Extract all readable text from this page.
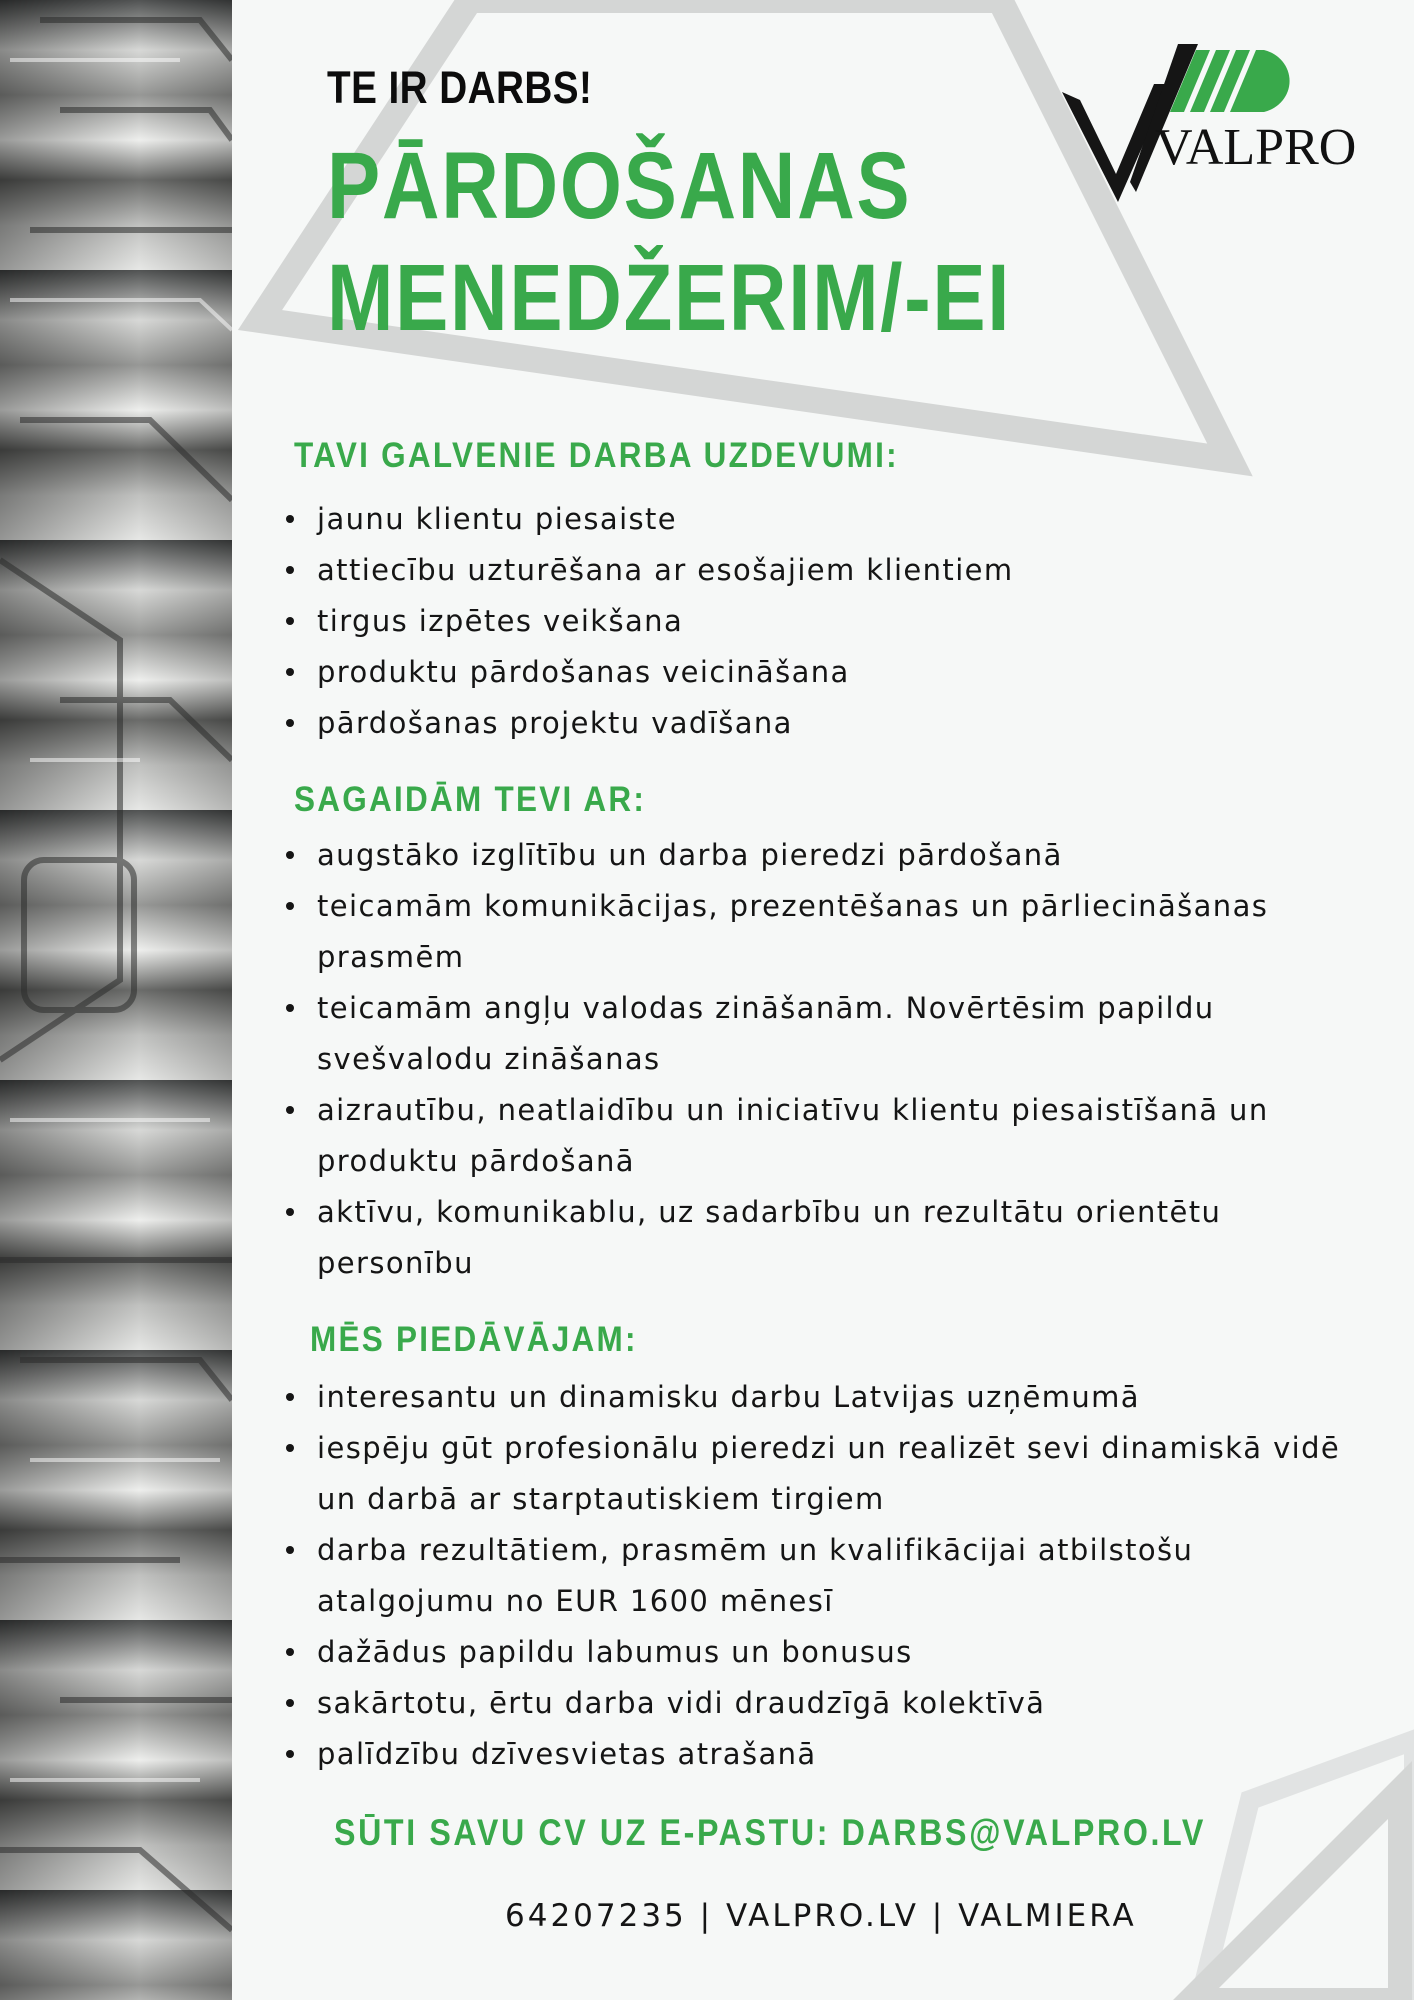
TE IR DARBS!
PĀRDOŠANAS
MENEDŽERIM/-EI
VALPRO
TAVI GALVENIE DARBA UZDEVUMI:
jaunu klientu piesaiste
attiecību uzturēšana ar esošajiem klientiem
tirgus izpētes veikšana
produktu pārdošanas veicināšana
pārdošanas projektu vadīšana
SAGAIDĀM TEVI AR:
augstāko izglītību un darba pieredzi pārdošanā
teicamām komunikācijas, prezentēšanas un pārliecināšanas prasmēm
teicamām angļu valodas zināšanām. Novērtēsim papildu svešvalodu zināšanas
aizrautību, neatlaidību un iniciatīvu klientu piesaistīšanā un produktu pārdošanā
aktīvu, komunikablu, uz sadarbību un rezultātu orientētu personību
MĒS PIEDĀVĀJAM:
interesantu un dinamisku darbu Latvijas uzņēmumā
iespēju gūt profesionālu pieredzi un realizēt sevi dinamiskā vidē un darbā ar starptautiskiem tirgiem
darba rezultātiem, prasmēm un kvalifikācijai atbilstošu atalgojumu no EUR 1600 mēnesī
dažādus papildu labumus un bonusus
sakārtotu, ērtu darba vidi draudzīgā kolektīvā
palīdzību dzīvesvietas atrašanā
SŪTI SAVU CV UZ E-PASTU: DARBS@VALPRO.LV
64207235 | VALPRO.LV | VALMIERA
